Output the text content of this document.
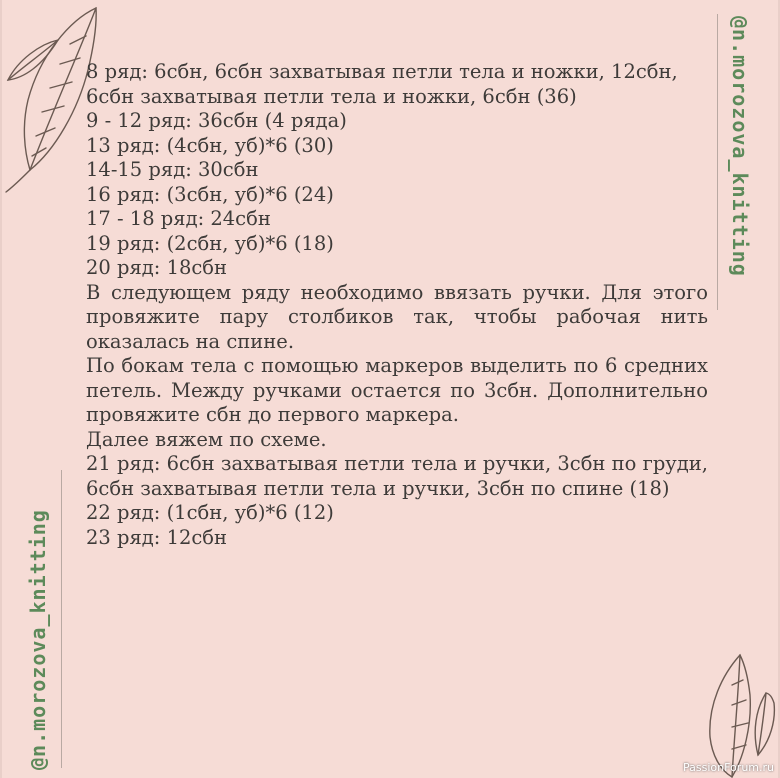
@n.morozova_knitting
@n.morozova_knitting
8 ряд: 6сбн, 6сбн захватывая петли тела и ножки, 12сбн,
6сбн захватывая петли тела и ножки, 6сбн (36)
9 - 12 ряд: 36сбн (4 ряда)
13 ряд: (4сбн, уб)*6 (30)
14-15 ряд: 30сбн
16 ряд: (3сбн, уб)*6 (24)
17 - 18 ряд: 24сбн
19 ряд: (2сбн, уб)*6 (18)
20 ряд: 18сбн
В следующем ряду необходимо ввязать ручки. Для этого провяжите пару столбиков так, чтобы рабочая нить оказалась на спине.
По бокам тела с помощью маркеров выделить по 6 средних петель. Между ручками остается по 3сбн. Дополнительно провяжите сбн до первого маркера.
Далее вяжем по схеме.
21 ряд: 6сбн захватывая петли тела и ручки, 3сбн по груди, 6сбн захватывая петли тела и ручки, 3сбн по спине (18)
22 ряд: (1сбн, уб)*6 (12)
23 ряд: 12сбн
PassionForum.ru
